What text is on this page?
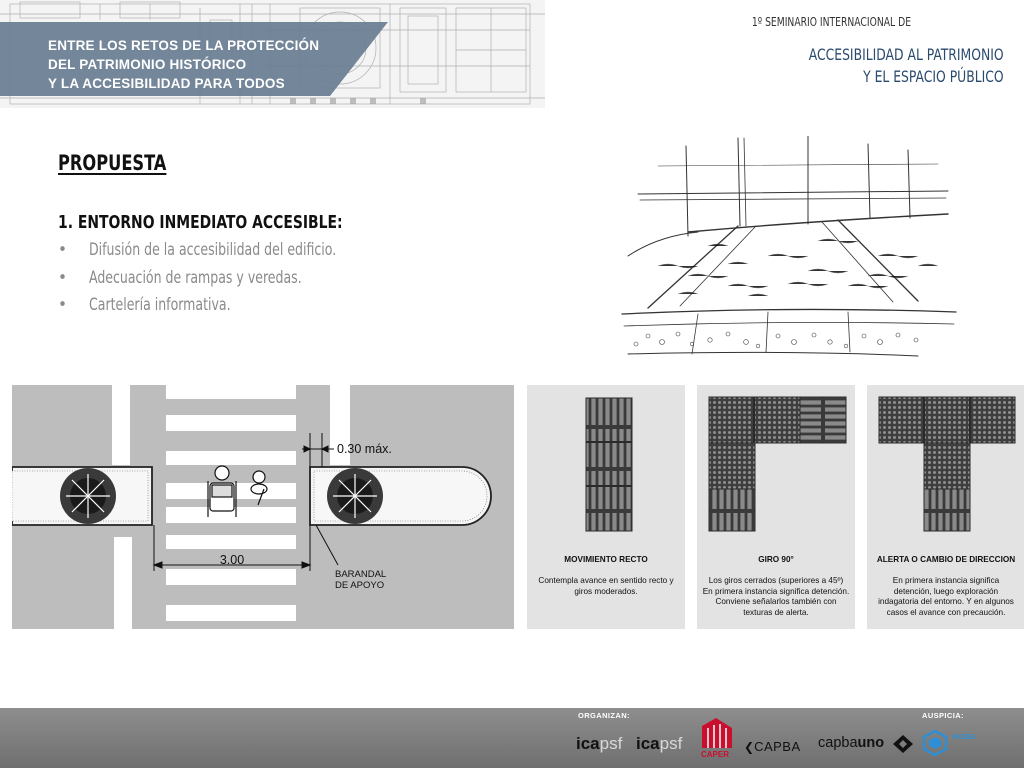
ENTRE LOS RETOS DE LA PROTECCIÓN
DEL PATRIMONIO HISTÓRICO
Y LA ACCESIBILIDAD PARA TODOS
1º SEMINARIO INTERNACIONAL DE
ACCESIBILIDAD AL PATRIMONIO
Y EL ESPACIO PÚBLICO
PROPUESTA
1. ENTORNO INMEDIATO ACCESIBLE:
• Difusión de la accesibilidad del edificio.
• Adecuación de rampas y veredas.
• Cartelería informativa.
0.30 máx.
3.00
BARANDAL
DE APOYO
MOVIMIENTO RECTO
Contempla avance en sentido recto y
giros moderados.
GIRO 90°
Los giros cerrados (superiores a 45º)
En primera instancia significa detención.
Conviene señalarlos también con
texturas de alerta.
ALERTA O CAMBIO DE DIRECCION
En primera instancia significa
detención, luego exploración
indagatoria del entorno. Y en algunos
casos el avance con precaución.
ORGANIZAN:	AUSPICIA:
icapsf icapsf
CAPER
❮CAPBA capbauno	FADEA
